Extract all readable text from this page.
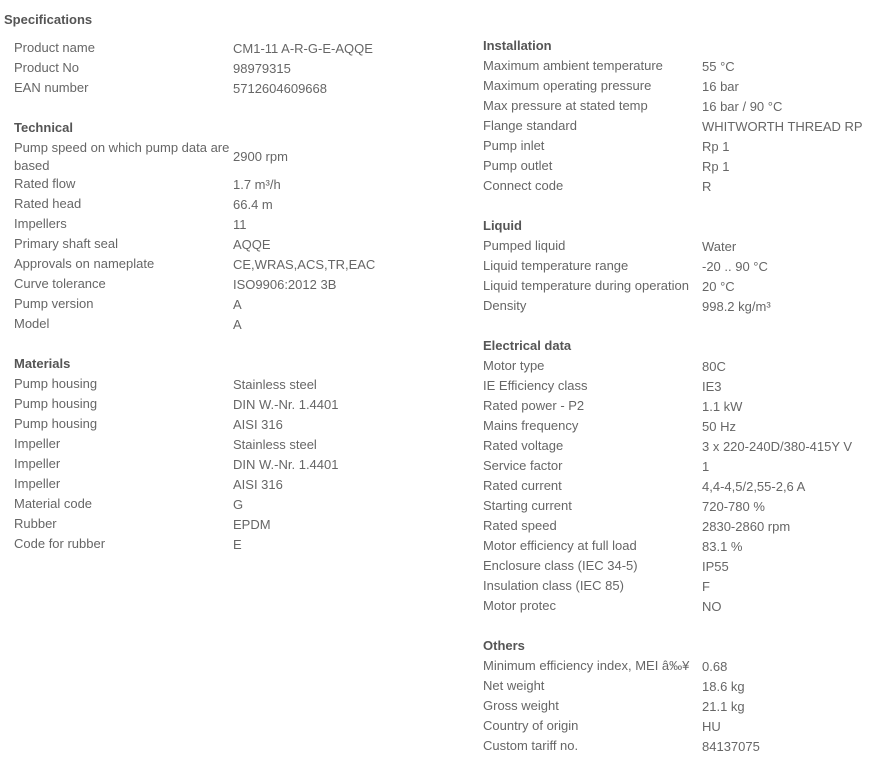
Specifications
Product name	CM1-11 A-R-G-E-AQQE
Product No	98979315
EAN number	5712604609668
Technical
Pump speed on which pump data are based
2900 rpm
Rated flow	1.7 m³/h
Rated head	66.4 m
Impellers	11
Primary shaft seal	AQQE
Approvals on nameplate	CE,WRAS,ACS,TR,EAC
Curve tolerance	ISO9906:2012 3B
Pump version	A
Model	A
Materials
Pump housing	Stainless steel
Pump housing	DIN W.-Nr. 1.4401
Pump housing	AISI 316
Impeller	Stainless steel
Impeller	DIN W.-Nr. 1.4401
Impeller	AISI 316
Material code	G
Rubber	EPDM
Code for rubber	E
Installation
Maximum ambient temperature	55 °C
Maximum operating pressure	16 bar
Max pressure at stated temp	16 bar / 90 °C
Flange standard	WHITWORTH THREAD RP
Pump inlet	Rp 1
Pump outlet	Rp 1
Connect code	R
Liquid
Pumped liquid	Water
Liquid temperature range	-20 .. 90 °C
Liquid temperature during operation	20 °C
Density	998.2 kg/m³
Electrical data
Motor type	80C
IE Efficiency class	IE3
Rated power - P2	1.1 kW
Mains frequency	50 Hz
Rated voltage	3 x 220-240D/380-415Y V
Service factor	1
Rated current	4,4-4,5/2,55-2,6 A
Starting current	720-780 %
Rated speed	2830-2860 rpm
Motor efficiency at full load	83.1 %
Enclosure class (IEC 34-5)	IP55
Insulation class (IEC 85)	F
Motor protec	NO
Others
Minimum efficiency index, MEI â‰¥ 0.68
Net weight	18.6 kg
Gross weight	21.1 kg
Country of origin	HU
Custom tariff no.	84137075
